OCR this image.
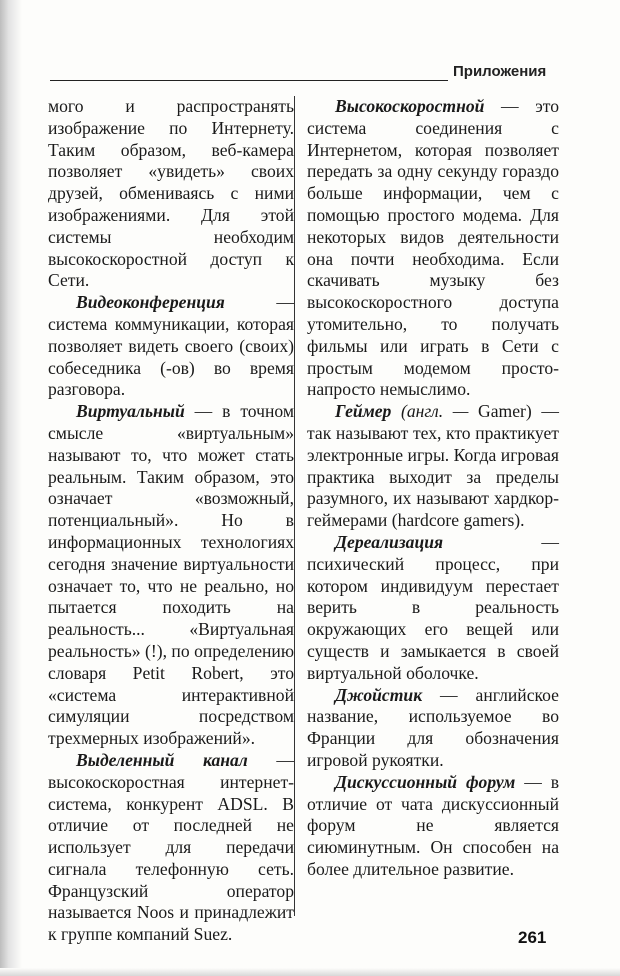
Приложения

мого и распространять изображение по Интернету. Таким образом, веб-камера позволяет «увидеть» своих друзей, обмениваясь с ними изображениями. Для этой системы необходим высокоскоростной доступ к Сети.

Видеоконференция — система коммуникации, которая позволяет видеть своего (своих) собеседника (-ов) во время разговора.

Виртуальный — в точном смысле «виртуальным» называют то, что может стать реальным. Таким образом, это означает «возможный, потенциальный». Но в информационных технологиях сегодня значение виртуальности означает то, что не реально, но пытается походить на реальность... «Виртуальная реальность» (!), по определению словаря Petit Robert, это «система интерактивной симуляции посредством трехмерных изображений».

Выделенный канал — высокоскоростная интернет-система, конкурент ADSL. В отличие от последней не использует для передачи сигнала телефонную сеть. Французский оператор называется Noos и принадлежит к группе компаний Suez.

Высокоскоростной — это система соединения с Интернетом, которая позволяет передать за одну секунду гораздо больше информации, чем с помощью простого модема. Для некоторых видов деятельности она почти необходима. Если скачивать музыку без высокоскоростного доступа утомительно, то получать фильмы или играть в Сети с простым модемом просто-напросто немыслимо.

Геймер (англ. — Gamer) — так называют тех, кто практикует электронные игры. Когда игровая практика выходит за пределы разумного, их называют хардкор-геймерами (hardcore gamers).

Дереализация — психический процесс, при котором индивидуум перестает верить в реальность окружающих его вещей или существ и замыкается в своей виртуальной оболочке.

Джойстик — английское название, используемое во Франции для обозначения игровой рукоятки.

Дискуссионный форум — в отличие от чата дискуссионный форум не является сиюминутным. Он способен на более длительное развитие.

261
